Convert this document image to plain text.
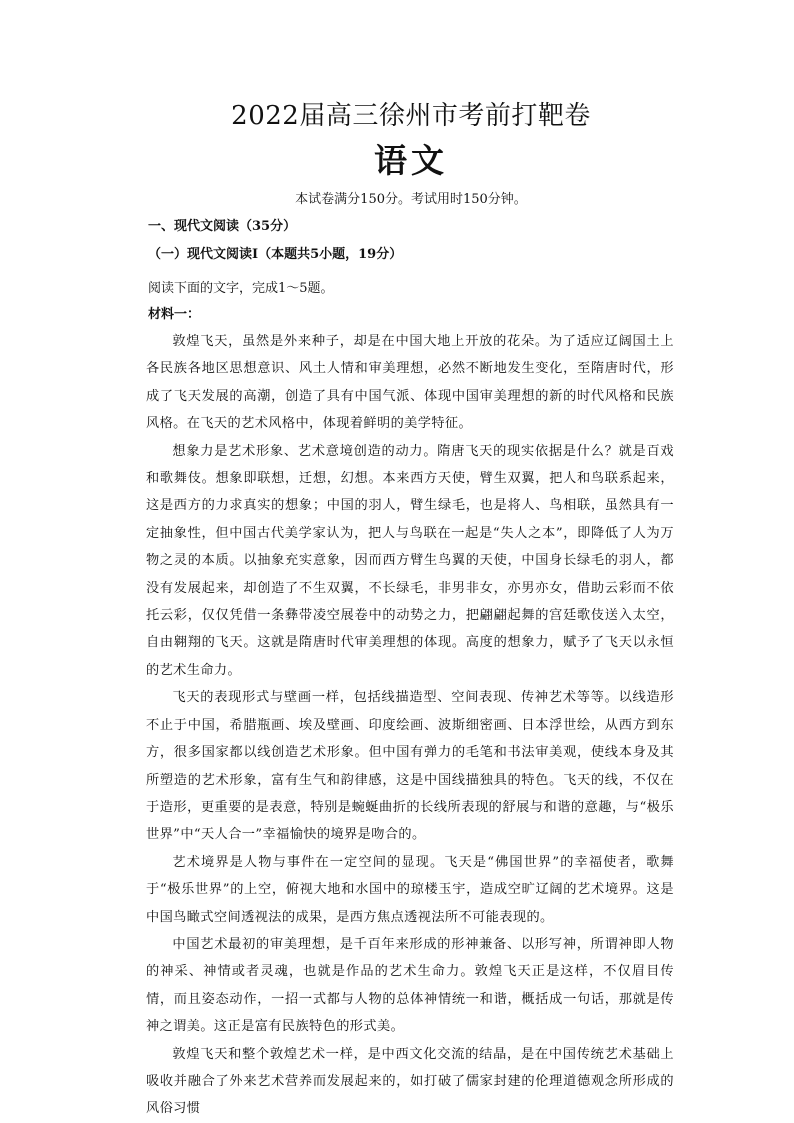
2022届高三徐州市考前打靶卷
语文
本试卷满分150分。考试用时150分钟。
一、现代文阅读（35分）
（一）现代文阅读Ⅰ（本题共5小题，19分）
阅读下面的文字，完成1～5题。
材料一：

敦煌飞天，虽然是外来种子，却是在中国大地上开放的花朵。为了适应辽阔国土上各民族各地区思想意识、风土人情和审美理想，必然不断地发生变化，至隋唐时代，形成了飞天发展的高潮，创造了具有中国气派、体现中国审美理想的新的时代风格和民族风格。在飞天的艺术风格中，体现着鲜明的美学特征。

想象力是艺术形象、艺术意境创造的动力。隋唐飞天的现实依据是什么？就是百戏和歌舞伎。想象即联想，迁想，幻想。本来西方天使，臂生双翼，把人和鸟联系起来，这是西方的力求真实的想象；中国的羽人，臂生绿毛，也是将人、鸟相联，虽然具有一定抽象性，但中国古代美学家认为，把人与鸟联在一起是“失人之本”，即降低了人为万物之灵的本质。以抽象充实意象，因而西方臂生鸟翼的天使，中国身长绿毛的羽人，都没有发展起来，却创造了不生双翼，不长绿毛，非男非女，亦男亦女，借助云彩而不依托云彩，仅仅凭借一条彝带凌空展卷中的动势之力，把翩翩起舞的宫廷歌伎送入太空，自由翱翔的飞天。这就是隋唐时代审美理想的体现。高度的想象力，赋予了飞天以永恒的艺术生命力。

飞天的表现形式与壁画一样，包括线描造型、空间表现、传神艺术等等。以线造形不止于中国，希腊瓶画、埃及壁画、印度绘画、波斯细密画、日本浮世绘，从西方到东方，很多国家都以线创造艺术形象。但中国有弹力的毛笔和书法审美观，使线本身及其所塑造的艺术形象，富有生气和韵律感，这是中国线描独具的特色。飞天的线，不仅在于造形，更重要的是表意，特别是蜿蜒曲折的长线所表现的舒展与和谐的意趣，与“极乐世界”中“天人合一”幸福愉快的境界是吻合的。

艺术境界是人物与事件在一定空间的显现。飞天是“佛国世界”的幸福使者，歌舞于“极乐世界”的上空，俯视大地和水国中的琼楼玉宇，造成空旷辽阔的艺术境界。这是中国鸟瞰式空间透视法的成果，是西方焦点透视法所不可能表现的。

中国艺术最初的审美理想，是千百年来形成的形神兼备、以形写神，所谓神即人物的神采、神情或者灵魂，也就是作品的艺术生命力。敦煌飞天正是这样，不仅眉目传情，而且姿态动作，一招一式都与人物的总体神情统一和谐，概括成一句话，那就是传神之谓美。这正是富有民族特色的形式美。

敦煌飞天和整个敦煌艺术一样，是中西文化交流的结晶，是在中国传统艺术基础上吸收并融合了外来艺术营养而发展起来的，如打破了儒家封建的伦理道德观念所形成的风俗习惯
